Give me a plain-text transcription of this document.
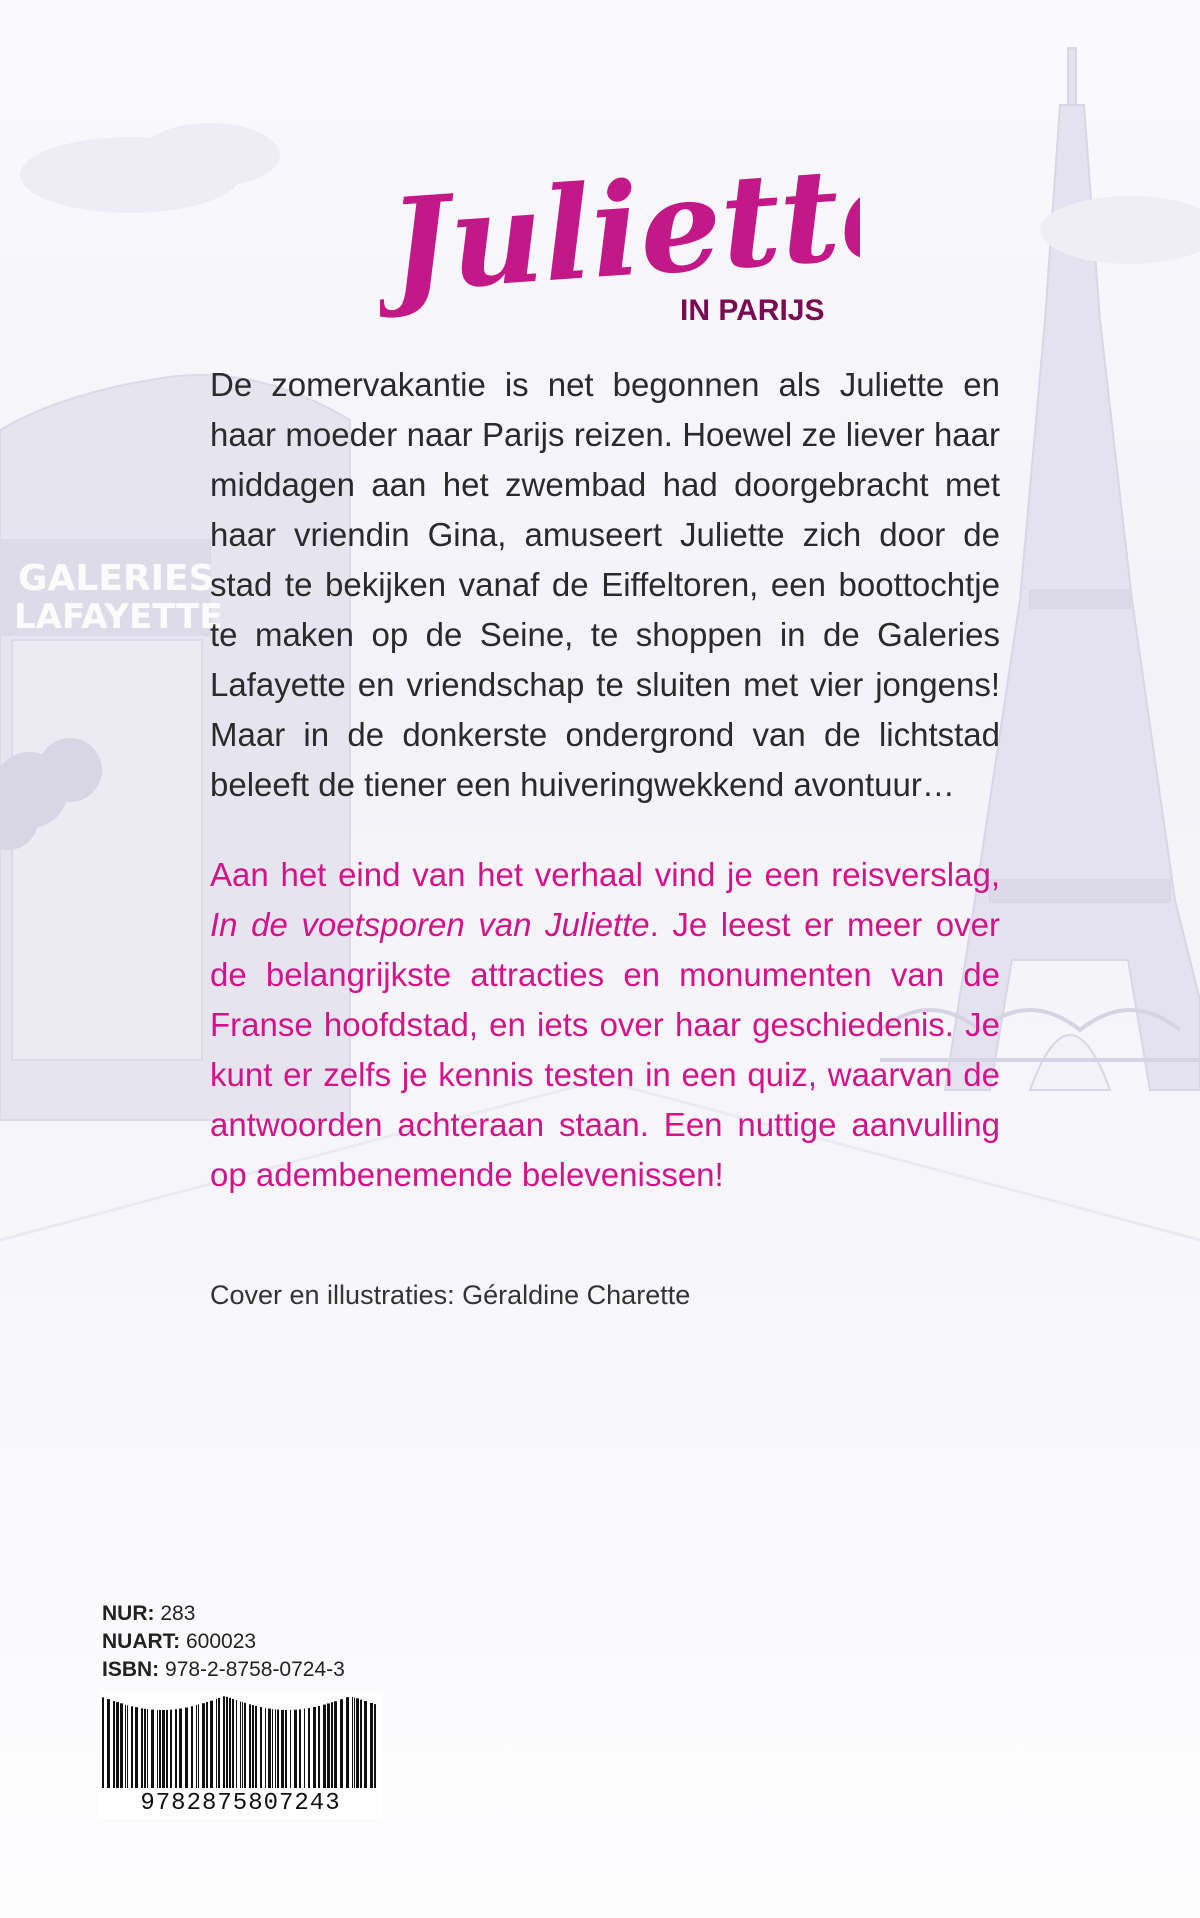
GALERIES
LAFAYETTE
Juliette
IN PARIJS

De zomervakantie is net begonnen als Juliette en haar moeder naar Parijs reizen. Hoewel ze liever haar middagen aan het zwembad had doorgebracht met haar vriendin Gina, amuseert Juliette zich door de stad te bekijken vanaf de Eiffeltoren, een boottochtje te maken op de Seine, te shoppen in de Galeries Lafayette en vriendschap te sluiten met vier jongens! Maar in de donkerste ondergrond van de lichtstad beleeft de tiener een huiveringwekkend avontuur…

Aan het eind van het verhaal vind je een reisverslag, In de voetsporen van Juliette. Je leest er meer over de belangrijkste attracties en monumenten van de Franse hoofdstad, en iets over haar geschiedenis. Je kunt er zelfs je kennis testen in een quiz, waarvan de antwoorden achteraan staan. Een nuttige aanvulling op adembenemende belevenissen!

Cover en illustraties: Géraldine Charette
NUR: 283
NUART: 600023
ISBN: 978-2-8758-0724-3
9782875807243
